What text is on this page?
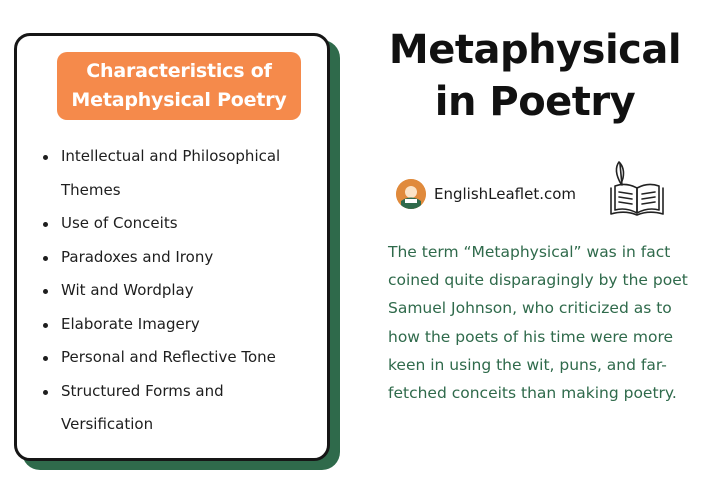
Characteristics of
Metaphysical Poetry
Intellectual and Philosophical Themes
Use of Conceits
Paradoxes and Irony
Wit and Wordplay
Elaborate Imagery
Personal and Reflective Tone
Structured Forms and Versification
Metaphysical
in Poetry
EnglishLeaflet.com

The term “Metaphysical” was in fact coined quite disparagingly by the poet Samuel Johnson, who criticized as to how the poets of his time were more keen in using the wit, puns, and far-fetched conceits than making poetry.
